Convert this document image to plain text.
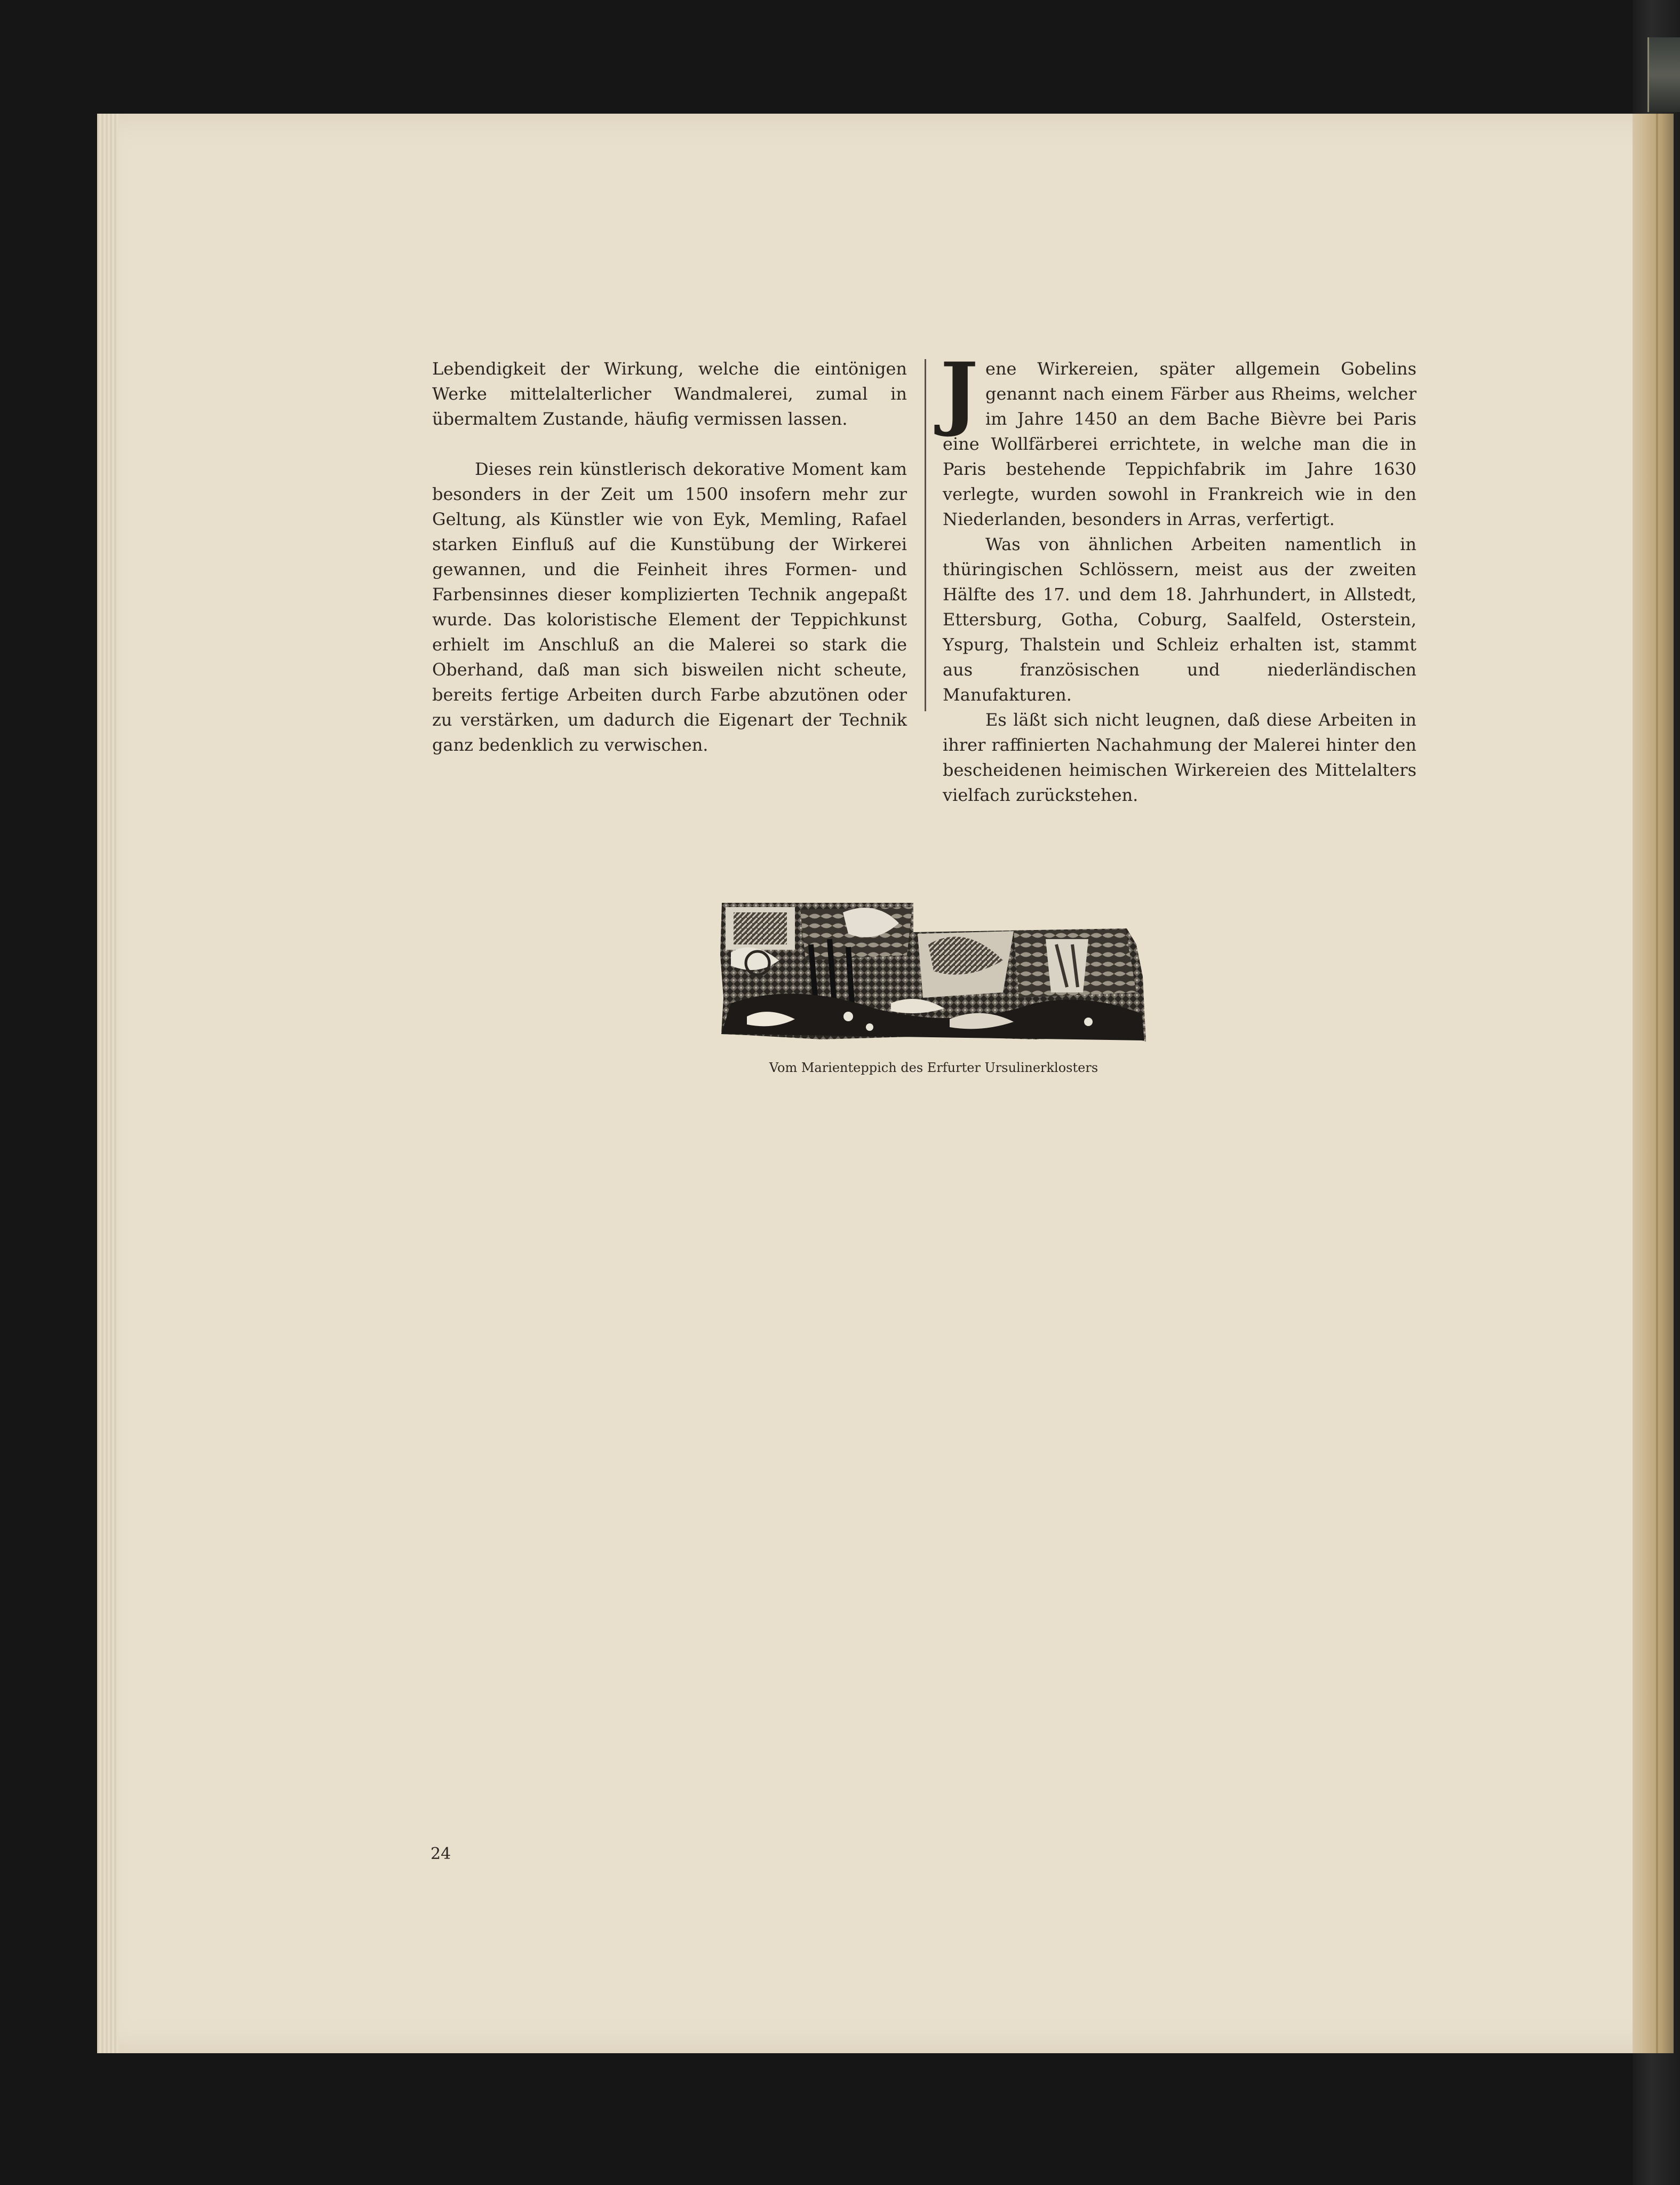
Lebendigkeit der Wirkung, welche die eintönigen Werke mittelalterlicher Wandmalerei, zumal in übermaltem Zustande, häufig vermissen lassen.

Dieses rein künstlerisch dekorative Moment kam besonders in der Zeit um 1500 insofern mehr zur Geltung, als Künstler wie von Eyk, Memling, Rafael starken Einfluß auf die Kunstübung der Wirkerei gewannen, und die Feinheit ihres Formen- und Farbensinnes dieser komplizierten Technik angepaßt wurde. Das koloristische Element der Teppichkunst erhielt im Anschluß an die Malerei so stark die Oberhand, daß man sich bisweilen nicht scheute, bereits fertige Arbeiten durch Farbe abzutönen oder zu verstärken, um dadurch die Eigenart der Technik ganz bedenklich zu verwischen.

J ene Wirkereien, später allgemein Gobelins genannt nach einem Färber aus Rheims, welcher im Jahre 1450 an dem Bache Bièvre bei Paris eine Wollfärberei errichtete, in welche man die in Paris bestehende Teppichfabrik im Jahre 1630 verlegte, wurden sowohl in Frankreich wie in den Niederlanden, besonders in Arras, verfertigt.

Was von ähnlichen Arbeiten namentlich in thüringischen Schlössern, meist aus der zweiten Hälfte des 17. und dem 18. Jahrhundert, in Allstedt, Ettersburg, Gotha, Coburg, Saalfeld, Osterstein, Yspurg, Thalstein und Schleiz erhalten ist, stammt aus französischen und niederländischen Manufakturen.

Es läßt sich nicht leugnen, daß diese Arbeiten in ihrer raffinierten Nachahmung der Malerei hinter den bescheidenen heimischen Wirkereien des Mittelalters vielfach zurückstehen.

Vom Marienteppich des Erfurter Ursulinerklosters
24
